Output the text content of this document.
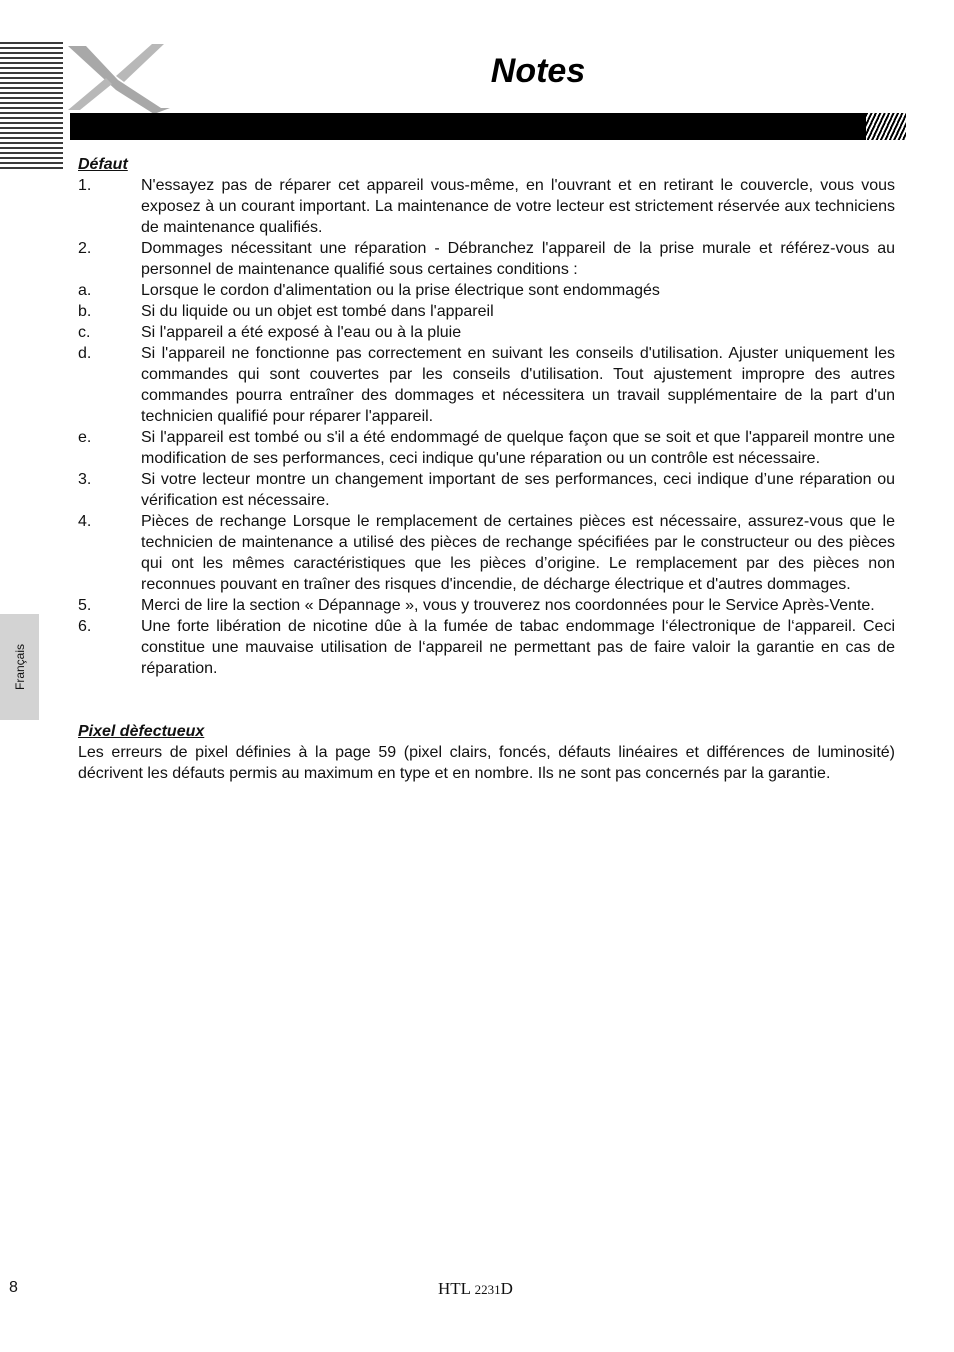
Notes
Français
Défaut
1.	N'essayez pas de réparer cet appareil vous-même, en l'ouvrant et en retirant le couvercle, vous vous exposez à un courant important. La maintenance de votre lecteur est strictement réservée aux techniciens de maintenance qualifiés.
2.	Dommages nécessitant une réparation - Débranchez l'appareil de la prise murale et référez-vous au personnel de maintenance qualifié sous certaines conditions :
a.	Lorsque le cordon d'alimentation ou la prise électrique sont endommagés
b.	Si du liquide ou un objet est tombé dans l'appareil
c.	Si l'appareil a été exposé à l'eau ou à la pluie
d.	Si l'appareil ne fonctionne pas correctement en suivant les conseils d'utilisation. Ajuster uniquement les commandes qui sont couvertes par les conseils d'utilisation. Tout ajustement impropre des autres commandes pourra entraîner des dommages et nécessitera un travail supplémentaire de la part d'un technicien qualifié pour réparer l'appareil.
e.	Si l'appareil est tombé ou s'il a été endommagé de quelque façon que se soit et que l'appareil montre une modification de ses performances, ceci indique qu'une réparation ou un contrôle est nécessaire.
3.	Si votre lecteur montre un changement important de ses performances, ceci indique d’une réparation ou vérification est nécessaire.
4.	Pièces de rechange Lorsque le remplacement de certaines pièces est nécessaire, assurez-vous que le technicien de maintenance a utilisé des pièces de rechange spécifiées par le constructeur ou des pièces qui ont les mêmes caractéristiques que les pièces d’origine. Le remplacement par des pièces non reconnues pouvant en traîner des risques d'incendie, de décharge électrique et d'autres dommages.
5.	Merci de lire la section « Dépannage », vous y trouverez nos coordonnées pour le Service Après-Vente.
6.	Une forte libération de nicotine dûe à la fumée de tabac endommage l‘électronique de l‘appareil. Ceci constitue une mauvaise utilisation de l‘appareil ne permettant pas de faire valoir la garantie en cas de réparation.
Pixel dèfectueux
Les erreurs de pixel définies à la page 59 (pixel clairs, foncés, défauts linéaires et différences de luminosité) décrivent les défauts permis au maximum en type et en nombre. Ils ne sont pas concernés par la garantie.
8	HTL 2231D
